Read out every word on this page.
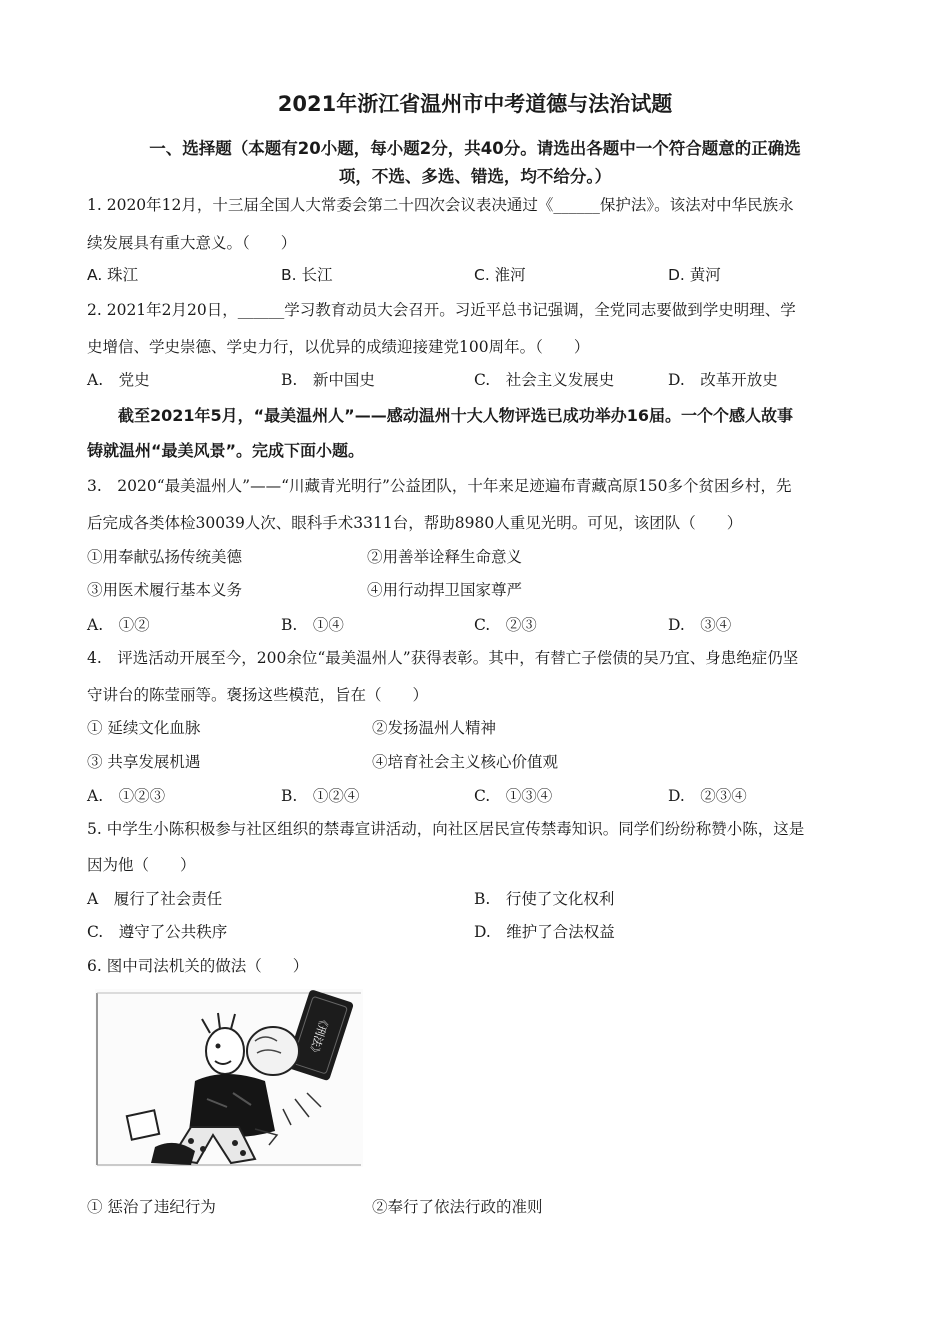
2021年浙江省温州市中考道德与法治试题
一、选择题（本题有20小题，每小题2分，共40分。请选出各题中一个符合题意的正确选
项，不选、多选、错选，均不给分。）
1. 2020年12月，十三届全国人大常委会第二十四次会议表决通过《______保护法》。该法对中华民族永
续发展具有重大意义。（　　）
A. 珠江	B. 长江	C. 淮河	D. 黄河
2. 2021年2月20日，______学习教育动员大会召开。习近平总书记强调，全党同志要做到学史明理、学
史增信、学史崇德、学史力行，以优异的成绩迎接建党100周年。（　　）
A.　党史	B.　新中国史	C.　社会主义发展史	D.　改革开放史
截至2021年5月，“最美温州人”——感动温州十大人物评选已成功举办16届。一个个感人故事
铸就温州“最美风景”。完成下面小题。
3.　2020“最美温州人”——“川藏青光明行”公益团队，十年来足迹遍布青藏高原150多个贫困乡村，先
后完成各类体检30039人次、眼科手术3311台，帮助8980人重见光明。可见，该团队（　　）
①用奉献弘扬传统美德	②用善举诠释生命意义
③用医术履行基本义务	④用行动捍卫国家尊严
A.　①②	B.　①④	C.　②③	D.　③④
4.　评选活动开展至今，200余位“最美温州人”获得表彰。其中，有替亡子偿债的吴乃宜、身患绝症仍坚
守讲台的陈莹丽等。褒扬这些模范，旨在（　　）
① 延续文化血脉	②发扬温州人精神
③ 共享发展机遇	④培育社会主义核心价值观
A.　①②③	B.　①②④	C.　①③④	D.　②③④
5. 中学生小陈积极参与社区组织的禁毒宣讲活动，向社区居民宣传禁毒知识。同学们纷纷称赞小陈，这是
因为他（　　）
A　履行了社会责任	B.　行使了文化权利
C.　遵守了公共秩序	D.　维护了合法权益
6. 图中司法机关的做法（　　）
《刑法》
① 惩治了违纪行为	②奉行了依法行政的准则
